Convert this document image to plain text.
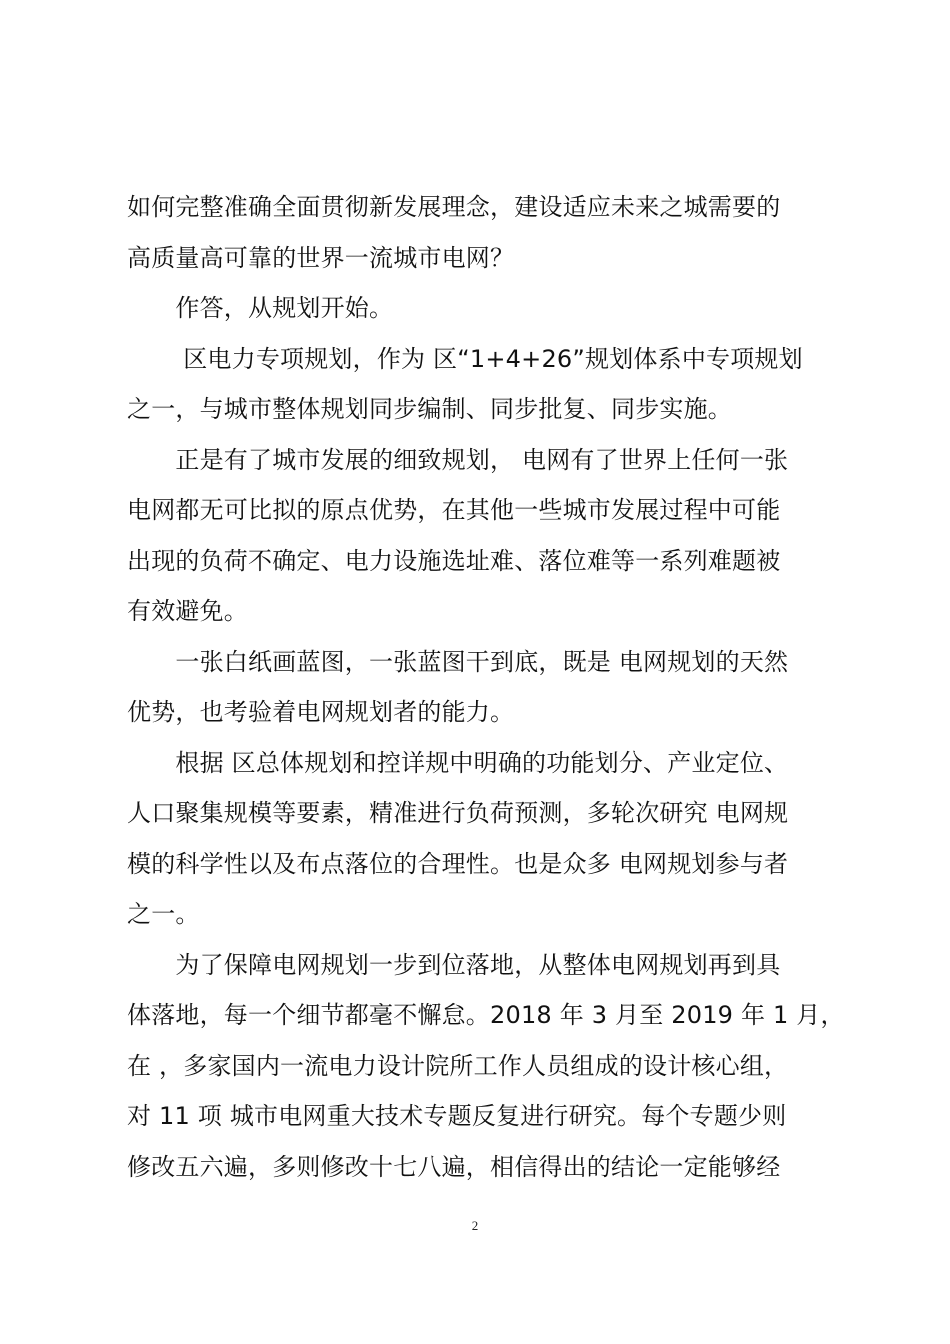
如何完整准确全面贯彻新发展理念，建设适应未来之城需要的
高质量高可靠的世界一流城市电网？
　　作答，从规划开始。
　　 区电力专项规划，作为 区“1+4+26”规划体系中专项规划
之一，与城市整体规划同步编制、同步批复、同步实施。
　　正是有了城市发展的细致规划， 电网有了世界上任何一张
电网都无可比拟的原点优势，在其他一些城市发展过程中可能
出现的负荷不确定、电力设施选址难、落位难等一系列难题被
有效避免。
　　一张白纸画蓝图，一张蓝图干到底，既是 电网规划的天然
优势，也考验着电网规划者的能力。
　　根据 区总体规划和控详规中明确的功能划分、产业定位、
人口聚集规模等要素，精准进行负荷预测，多轮次研究 电网规
模的科学性以及布点落位的合理性。也是众多 电网规划参与者
之一。
　　为了保障电网规划一步到位落地，从整体电网规划再到具
体落地，每一个细节都毫不懈怠。2018 年 3 月至 2019 年 1 月，
在 ，多家国内一流电力设计院所工作人员组成的设计核心组，
对 11 项 城市电网重大技术专题反复进行研究。每个专题少则
修改五六遍，多则修改十七八遍，相信得出的结论一定能够经
2
